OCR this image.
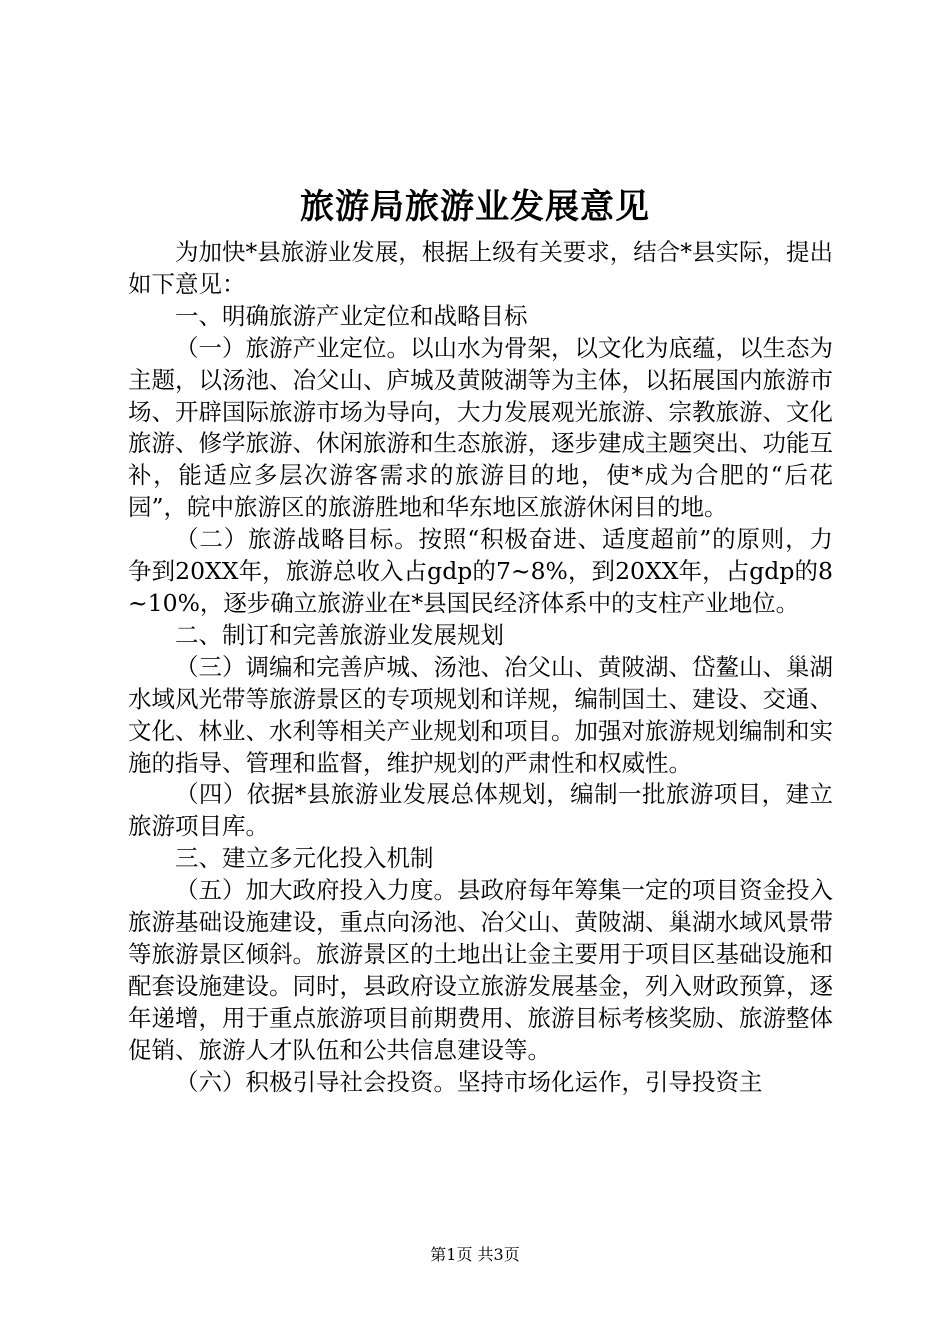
旅游局旅游业发展意见

为加快*县旅游业发展，根据上级有关要求，结合*县实际，提出如下意见：

一、明确旅游产业定位和战略目标

（一）旅游产业定位。以山水为骨架，以文化为底蕴，以生态为主题，以汤池、冶父山、庐城及黄陂湖等为主体，以拓展国内旅游市场、开辟国际旅游市场为导向，大力发展观光旅游、宗教旅游、文化旅游、修学旅游、休闲旅游和生态旅游，逐步建成主题突出、功能互补，能适应多层次游客需求的旅游目的地，使*成为合肥的“后花园”，皖中旅游区的旅游胜地和华东地区旅游休闲目的地。

（二）旅游战略目标。按照“积极奋进、适度超前”的原则，力争到20XX年，旅游总收入占gdp的7~8%，到20XX年，占gdp的8~10%，逐步确立旅游业在*县国民经济体系中的支柱产业地位。

二、制订和完善旅游业发展规划

（三）调编和完善庐城、汤池、冶父山、黄陂湖、岱鳌山、巢湖水域风光带等旅游景区的专项规划和详规，编制国土、建设、交通、文化、林业、水利等相关产业规划和项目。加强对旅游规划编制和实施的指导、管理和监督，维护规划的严肃性和权威性。

（四）依据*县旅游业发展总体规划，编制一批旅游项目，建立旅游项目库。

三、建立多元化投入机制

（五）加大政府投入力度。县政府每年筹集一定的项目资金投入旅游基础设施建设，重点向汤池、冶父山、黄陂湖、巢湖水域风景带等旅游景区倾斜。旅游景区的土地出让金主要用于项目区基础设施和配套设施建设。同时，县政府设立旅游发展基金，列入财政预算，逐年递增，用于重点旅游项目前期费用、旅游目标考核奖励、旅游整体促销、旅游人才队伍和公共信息建设等。

（六）积极引导社会投资。坚持市场化运作，引导投资主

第1页 共3页
